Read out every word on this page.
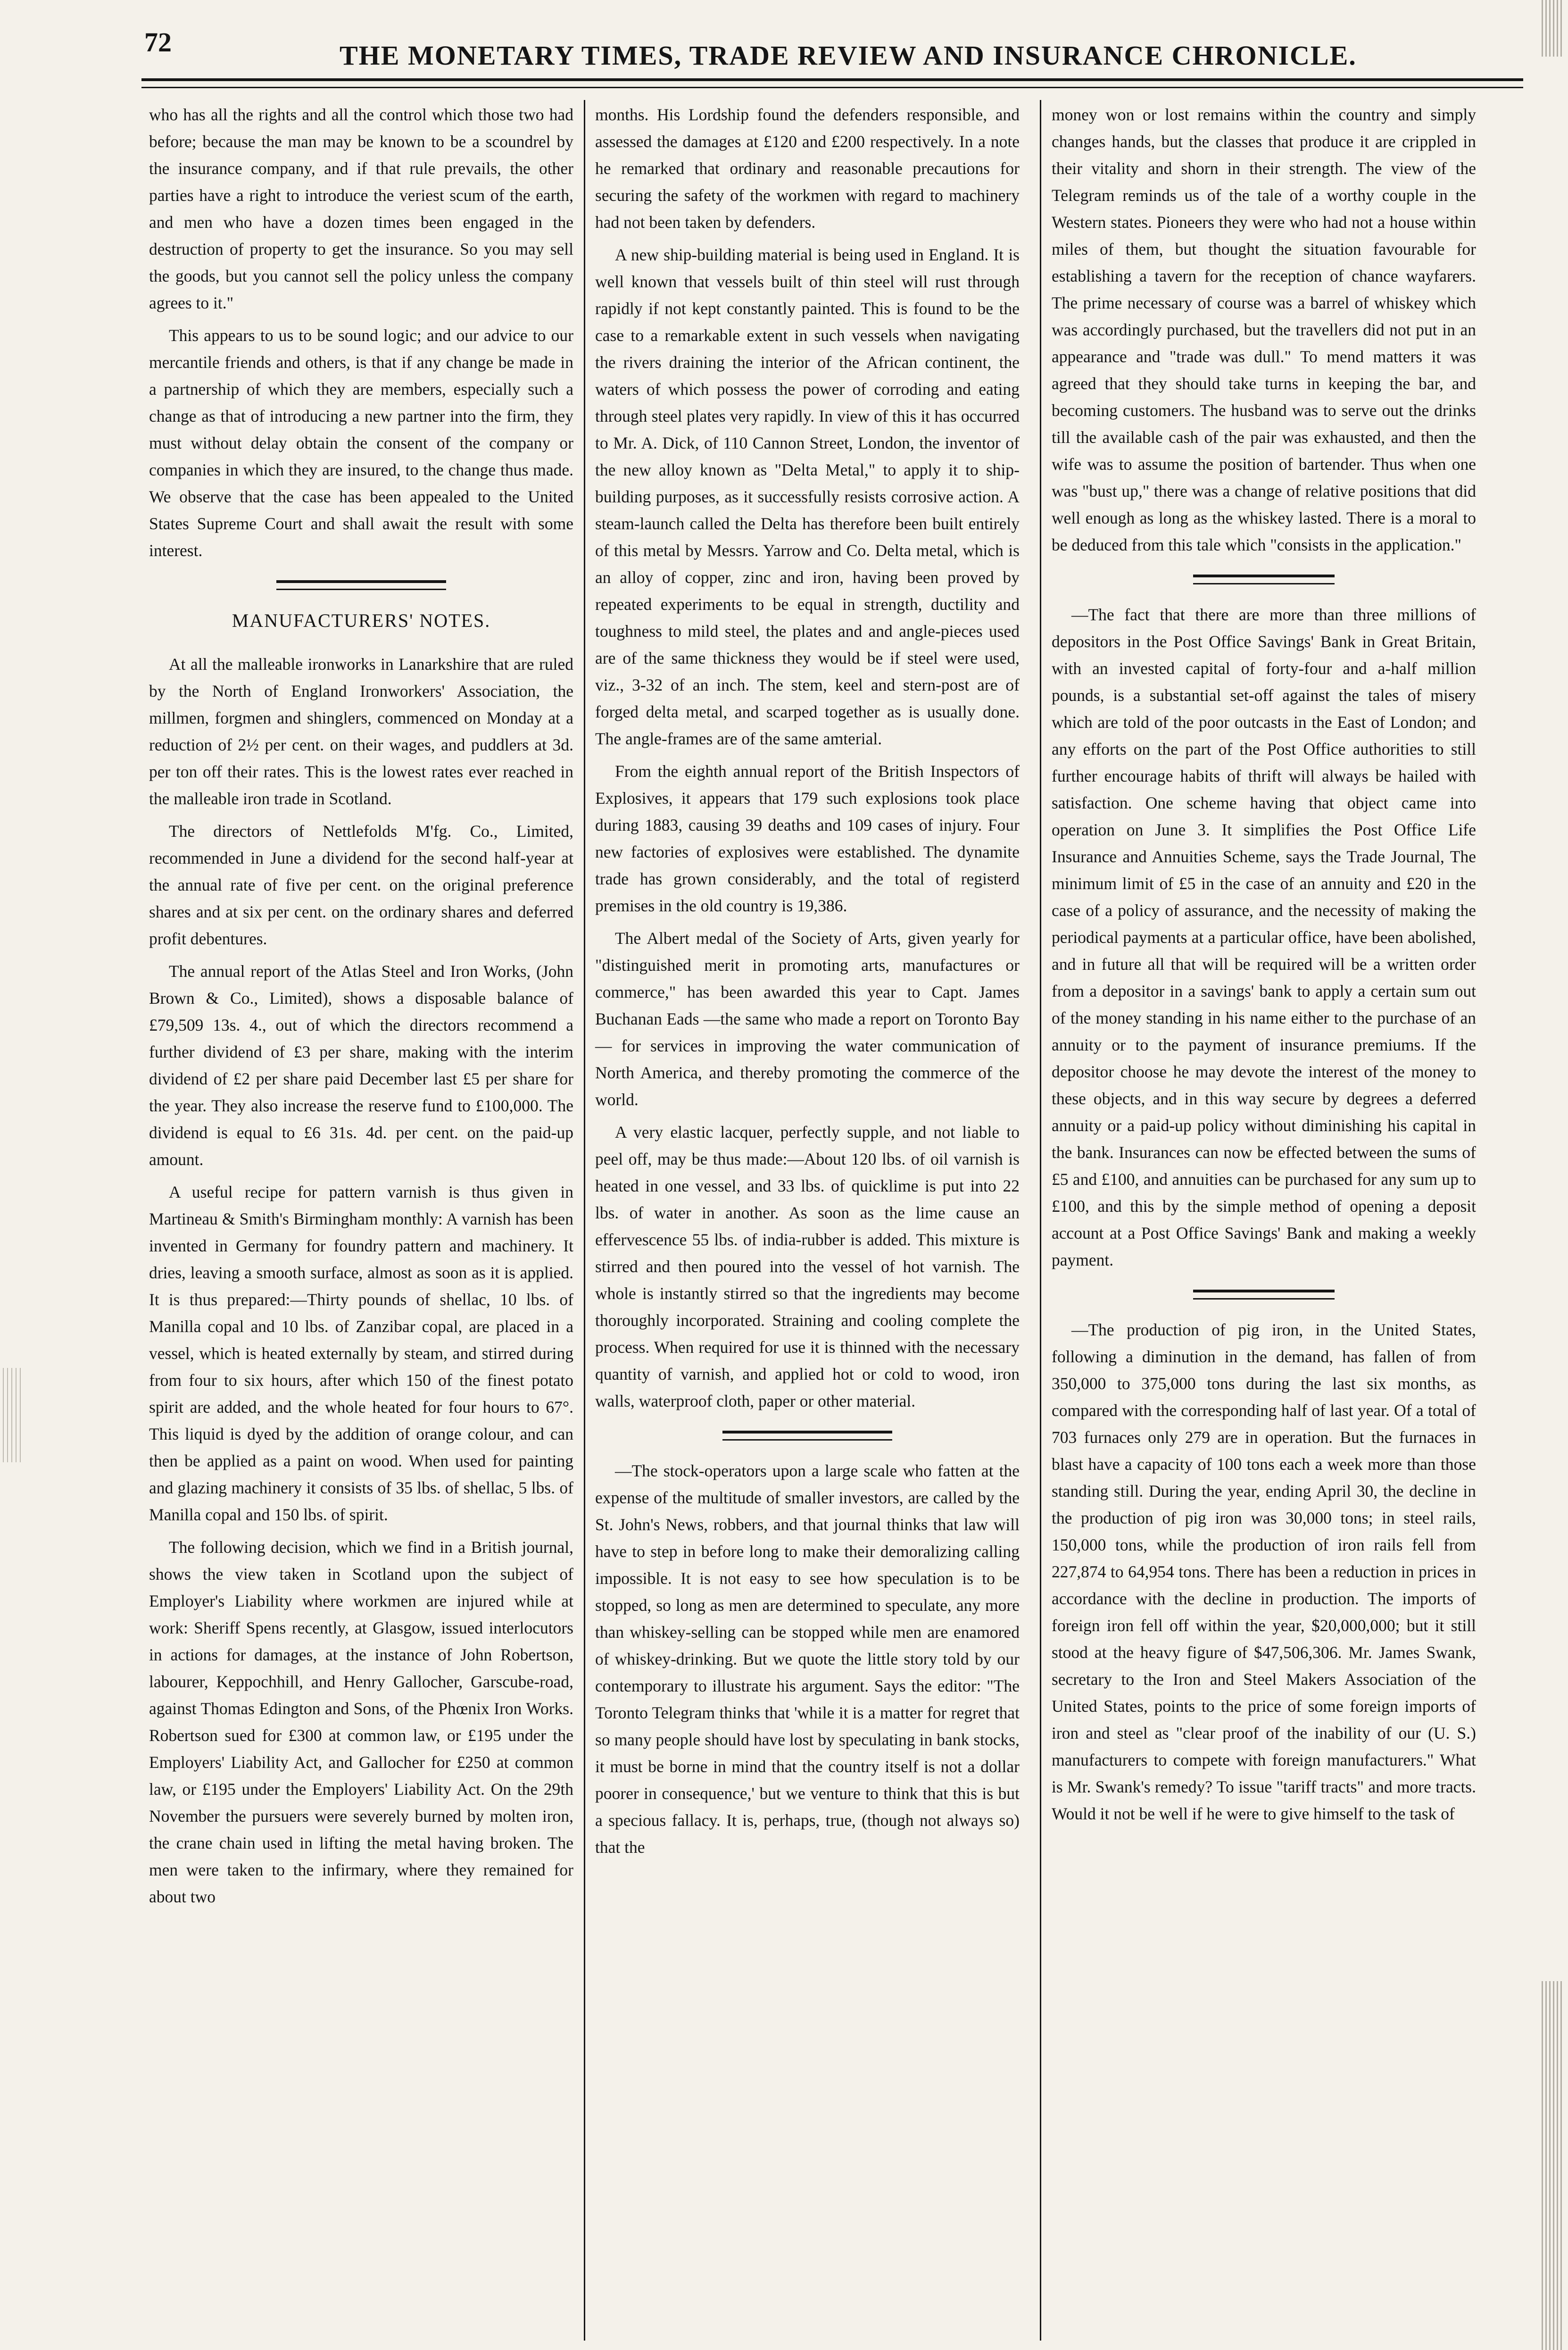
72	THE MONETARY TIMES, TRADE REVIEW AND INSURANCE CHRONICLE.

who has all the rights and all the control which those two had before; because the man may be known to be a scoundrel by the insurance company, and if that rule prevails, the other parties have a right to introduce the veriest scum of the earth, and men who have a dozen times been engaged in the destruction of property to get the insurance. So you may sell the goods, but you cannot sell the policy unless the company agrees to it."

This appears to us to be sound logic; and our advice to our mercantile friends and others, is that if any change be made in a partnership of which they are members, especially such a change as that of introducing a new partner into the firm, they must without delay obtain the consent of the company or companies in which they are insured, to the change thus made. We observe that the case has been appealed to the United States Supreme Court and shall await the result with some interest.

MANUFACTURERS' NOTES.

At all the malleable ironworks in Lanarkshire that are ruled by the North of England Ironworkers' Association, the millmen, forgmen and shinglers, commenced on Monday at a reduction of 2½ per cent. on their wages, and puddlers at 3d. per ton off their rates. This is the lowest rates ever reached in the malleable iron trade in Scotland.

The directors of Nettlefolds M'fg. Co., Limited, recommended in June a dividend for the second half-year at the annual rate of five per cent. on the original preference shares and at six per cent. on the ordinary shares and deferred profit debentures.

The annual report of the Atlas Steel and Iron Works, (John Brown & Co., Limited), shows a disposable balance of £79,509 13s. 4., out of which the directors recommend a further dividend of £3 per share, making with the interim dividend of £2 per share paid December last £5 per share for the year. They also increase the reserve fund to £100,000. The dividend is equal to £6 31s. 4d. per cent. on the paid-up amount.

A useful recipe for pattern varnish is thus given in Martineau & Smith's Birmingham monthly: A varnish has been invented in Germany for foundry pattern and machinery. It dries, leaving a smooth surface, almost as soon as it is applied. It is thus prepared:—Thirty pounds of shellac, 10 lbs. of Manilla copal and 10 lbs. of Zanzibar copal, are placed in a vessel, which is heated externally by steam, and stirred during from four to six hours, after which 150 of the finest potato spirit are added, and the whole heated for four hours to 67°. This liquid is dyed by the addition of orange colour, and can then be applied as a paint on wood. When used for painting and glazing machinery it consists of 35 lbs. of shellac, 5 lbs. of Manilla copal and 150 lbs. of spirit.

The following decision, which we find in a British journal, shows the view taken in Scotland upon the subject of Employer's Liability where workmen are injured while at work: Sheriff Spens recently, at Glasgow, issued interlocutors in actions for damages, at the instance of John Robertson, labourer, Keppochhill, and Henry Gallocher, Garscube-road, against Thomas Edington and Sons, of the Phœnix Iron Works. Robertson sued for £300 at common law, or £195 under the Employers' Liability Act, and Gallocher for £250 at common law, or £195 under the Employers' Liability Act. On the 29th November the pursuers were severely burned by molten iron, the crane chain used in lifting the metal having broken. The men were taken to the infirmary, where they remained for about two

months. His Lordship found the defenders responsible, and assessed the damages at £120 and £200 respectively. In a note he remarked that ordinary and reasonable precautions for securing the safety of the workmen with regard to machinery had not been taken by defenders.

A new ship-building material is being used in England. It is well known that vessels built of thin steel will rust through rapidly if not kept constantly painted. This is found to be the case to a remarkable extent in such vessels when navigating the rivers draining the interior of the African continent, the waters of which possess the power of corroding and eating through steel plates very rapidly. In view of this it has occurred to Mr. A. Dick, of 110 Cannon Street, London, the inventor of the new alloy known as "Delta Metal," to apply it to ship-building purposes, as it successfully resists corrosive action. A steam-launch called the Delta has therefore been built entirely of this metal by Messrs. Yarrow and Co. Delta metal, which is an alloy of copper, zinc and iron, having been proved by repeated experiments to be equal in strength, ductility and toughness to mild steel, the plates and and angle-pieces used are of the same thickness they would be if steel were used, viz., 3-32 of an inch. The stem, keel and stern-post are of forged delta metal, and scarped together as is usually done. The angle-frames are of the same amterial.

From the eighth annual report of the British Inspectors of Explosives, it appears that 179 such explosions took place during 1883, causing 39 deaths and 109 cases of injury. Four new factories of explosives were established. The dynamite trade has grown considerably, and the total of registerd premises in the old country is 19,386.

The Albert medal of the Society of Arts, given yearly for "distinguished merit in promoting arts, manufactures or commerce," has been awarded this year to Capt. James Buchanan Eads —the same who made a report on Toronto Bay— for services in improving the water communication of North America, and thereby promoting the commerce of the world.

A very elastic lacquer, perfectly supple, and not liable to peel off, may be thus made:—About 120 lbs. of oil varnish is heated in one vessel, and 33 lbs. of quicklime is put into 22 lbs. of water in another. As soon as the lime cause an effervescence 55 lbs. of india-rubber is added. This mixture is stirred and then poured into the vessel of hot varnish. The whole is instantly stirred so that the ingredients may become thoroughly incorporated. Straining and cooling complete the process. When required for use it is thinned with the necessary quantity of varnish, and applied hot or cold to wood, iron walls, waterproof cloth, paper or other material.

—The stock-operators upon a large scale who fatten at the expense of the multitude of smaller investors, are called by the St. John's News, robbers, and that journal thinks that law will have to step in before long to make their demoralizing calling impossible. It is not easy to see how speculation is to be stopped, so long as men are determined to speculate, any more than whiskey-selling can be stopped while men are enamored of whiskey-drinking. But we quote the little story told by our contemporary to illustrate his argument. Says the editor: "The Toronto Telegram thinks that 'while it is a matter for regret that so many people should have lost by speculating in bank stocks, it must be borne in mind that the country itself is not a dollar poorer in consequence,' but we venture to think that this is but a specious fallacy. It is, perhaps, true, (though not always so) that the

money won or lost remains within the country and simply changes hands, but the classes that produce it are crippled in their vitality and shorn in their strength. The view of the Telegram reminds us of the tale of a worthy couple in the Western states. Pioneers they were who had not a house within miles of them, but thought the situation favourable for establishing a tavern for the reception of chance wayfarers. The prime necessary of course was a barrel of whiskey which was accordingly purchased, but the travellers did not put in an appearance and "trade was dull." To mend matters it was agreed that they should take turns in keeping the bar, and becoming customers. The husband was to serve out the drinks till the available cash of the pair was exhausted, and then the wife was to assume the position of bartender. Thus when one was "bust up," there was a change of relative positions that did well enough as long as the whiskey lasted. There is a moral to be deduced from this tale which "consists in the application."

—The fact that there are more than three millions of depositors in the Post Office Savings' Bank in Great Britain, with an invested capital of forty-four and a-half million pounds, is a substantial set-off against the tales of misery which are told of the poor outcasts in the East of London; and any efforts on the part of the Post Office authorities to still further encourage habits of thrift will always be hailed with satisfaction. One scheme having that object came into operation on June 3. It simplifies the Post Office Life Insurance and Annuities Scheme, says the Trade Journal, The minimum limit of £5 in the case of an annuity and £20 in the case of a policy of assurance, and the necessity of making the periodical payments at a particular office, have been abolished, and in future all that will be required will be a written order from a depositor in a savings' bank to apply a certain sum out of the money standing in his name either to the purchase of an annuity or to the payment of insurance premiums. If the depositor choose he may devote the interest of the money to these objects, and in this way secure by degrees a deferred annuity or a paid-up policy without diminishing his capital in the bank. Insurances can now be effected between the sums of £5 and £100, and annuities can be purchased for any sum up to £100, and this by the simple method of opening a deposit account at a Post Office Savings' Bank and making a weekly payment.

—The production of pig iron, in the United States, following a diminution in the demand, has fallen of from 350,000 to 375,000 tons during the last six months, as compared with the corresponding half of last year. Of a total of 703 furnaces only 279 are in operation. But the furnaces in blast have a capacity of 100 tons each a week more than those standing still. During the year, ending April 30, the decline in the production of pig iron was 30,000 tons; in steel rails, 150,000 tons, while the production of iron rails fell from 227,874 to 64,954 tons. There has been a reduction in prices in accordance with the decline in production. The imports of foreign iron fell off within the year, $20,000,000; but it still stood at the heavy figure of $47,506,306. Mr. James Swank, secretary to the Iron and Steel Makers Association of the United States, points to the price of some foreign imports of iron and steel as "clear proof of the inability of our (U. S.) manufacturers to compete with foreign manufacturers." What is Mr. Swank's remedy? To issue "tariff tracts" and more tracts. Would it not be well if he were to give himself to the task of
